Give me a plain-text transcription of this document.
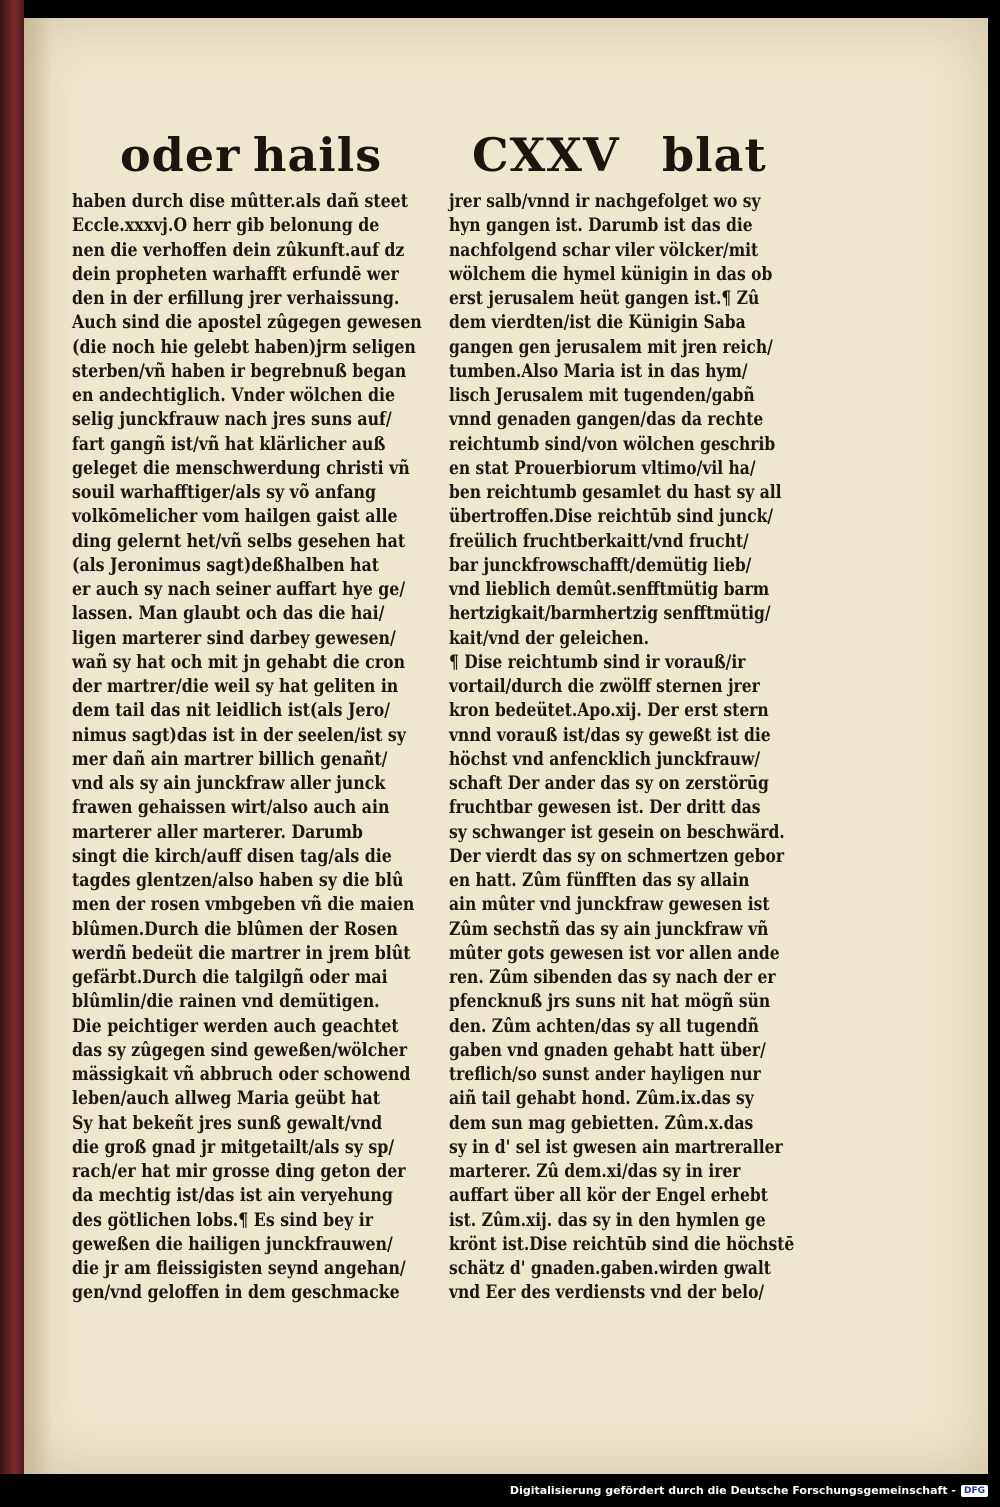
oder hails CXXV blat
haben durch dise mûtter.als dañ steet
Eccle.xxxvj.O herr gib belonung de
nen die verhoffen dein zûkunft.auf dz
dein propheten warhafft erfundē wer
den in der erfillung jrer verhaissung.
Auch sind die apostel zûgegen gewesen
(die noch hie gelebt haben)jrm seligen
sterben/vñ haben ir begrebnuß began
en andechtiglich. Vnder wölchen die
selig junckfrauw nach jres suns auf/
fart gangñ ist/vñ hat klärlicher auß
geleget die menschwerdung christi vñ
souil warhafftiger/als sy võ anfang
volkōmelicher vom hailgen gaist alle
ding gelernt het/vñ selbs gesehen hat
(als Jeronimus sagt)deßhalben hat
er auch sy nach seiner auffart hye ge/
lassen. Man glaubt och das die hai/
ligen marterer sind darbey gewesen/
wañ sy hat och mit jn gehabt die cron
der martrer/die weil sy hat geliten in
dem tail das nit leidlich ist(als Jero/
nimus sagt)das ist in der seelen/ist sy
mer dañ ain martrer billich genañt/
vnd als sy ain junckfraw aller junck
frawen gehaissen wirt/also auch ain
marterer aller marterer. Darumb
singt die kirch/auff disen tag/als die
tagdes glentzen/also haben sy die blû
men der rosen vmbgeben vñ die maien
blûmen.Durch die blûmen der Rosen
werdñ bedeüt die martrer in jrem blût
gefärbt.Durch die talgilgñ oder mai
blûmlin/die rainen vnd demütigen.
Die peichtiger werden auch geachtet
das sy zûgegen sind geweßen/wölcher
mässigkait vñ abbruch oder schowend
leben/auch allweg Maria geübt hat
Sy hat bekeñt jres sunß gewalt/vnd
die groß gnad jr mitgetailt/als sy sp/
rach/er hat mir grosse ding geton der
da mechtig ist/das ist ain veryehung
des götlichen lobs.¶ Es sind bey ir
geweßen die hailigen junckfrauwen/
die jr am fleissigisten seynd angehan/
gen/vnd geloffen in dem geschmacke
jrer salb/vnnd ir nachgefolget wo sy
hyn gangen ist. Darumb ist das die
nachfolgend schar viler völcker/mit
wölchem die hymel künigin in das ob
erst jerusalem heüt gangen ist.¶ Zû
dem vierdten/ist die Künigin Saba
gangen gen jerusalem mit jren reich/
tumben.Also Maria ist in das hym/
lisch Jerusalem mit tugenden/gabñ
vnnd genaden gangen/das da rechte
reichtumb sind/von wölchen geschrib
en stat Prouerbiorum vltimo/vil ha/
ben reichtumb gesamlet du hast sy all
übertroffen.Dise reichtūb sind junck/
freülich fruchtberkaitt/vnd frucht/
bar junckfrowschafft/demütig lieb/
vnd lieblich demût.senfftmütig barm
hertzigkait/barmhertzig senfftmütig/
kait/vnd der geleichen.
¶ Dise reichtumb sind ir vorauß/ir
vortail/durch die zwölff sternen jrer
kron bedeütet.Apo.xij. Der erst stern
vnnd vorauß ist/das sy geweßt ist die
höchst vnd anfencklich junckfrauw/
schaft Der ander das sy on zerstörūg
fruchtbar gewesen ist. Der dritt das
sy schwanger ist gesein on beschwärd.
Der vierdt das sy on schmertzen gebor
en hatt. Zûm fünfften das sy allain
ain mûter vnd junckfraw gewesen ist
Zûm sechstñ das sy ain junckfraw vñ
mûter gots gewesen ist vor allen ande
ren. Zûm sibenden das sy nach der er
pfencknuß jrs suns nit hat mögñ sün
den. Zûm achten/das sy all tugendñ
gaben vnd gnaden gehabt hatt über/
treflich/so sunst ander hayligen nur
aiñ tail gehabt hond. Zûm.ix.das sy
dem sun mag gebietten. Zûm.x.das
sy in d' sel ist gwesen ain martreraller
marterer. Zû dem.xi/das sy in irer
auffart über all kör der Engel erhebt
ist. Zûm.xij. das sy in den hymlen ge
krönt ist.Dise reichtūb sind die höchstē
schätz d' gnaden.gaben.wirden gwalt
vnd Eer des verdiensts vnd der belo/
Digitalisierung gefördert durch die Deutsche Forschungsgemeinschaft - DFG
